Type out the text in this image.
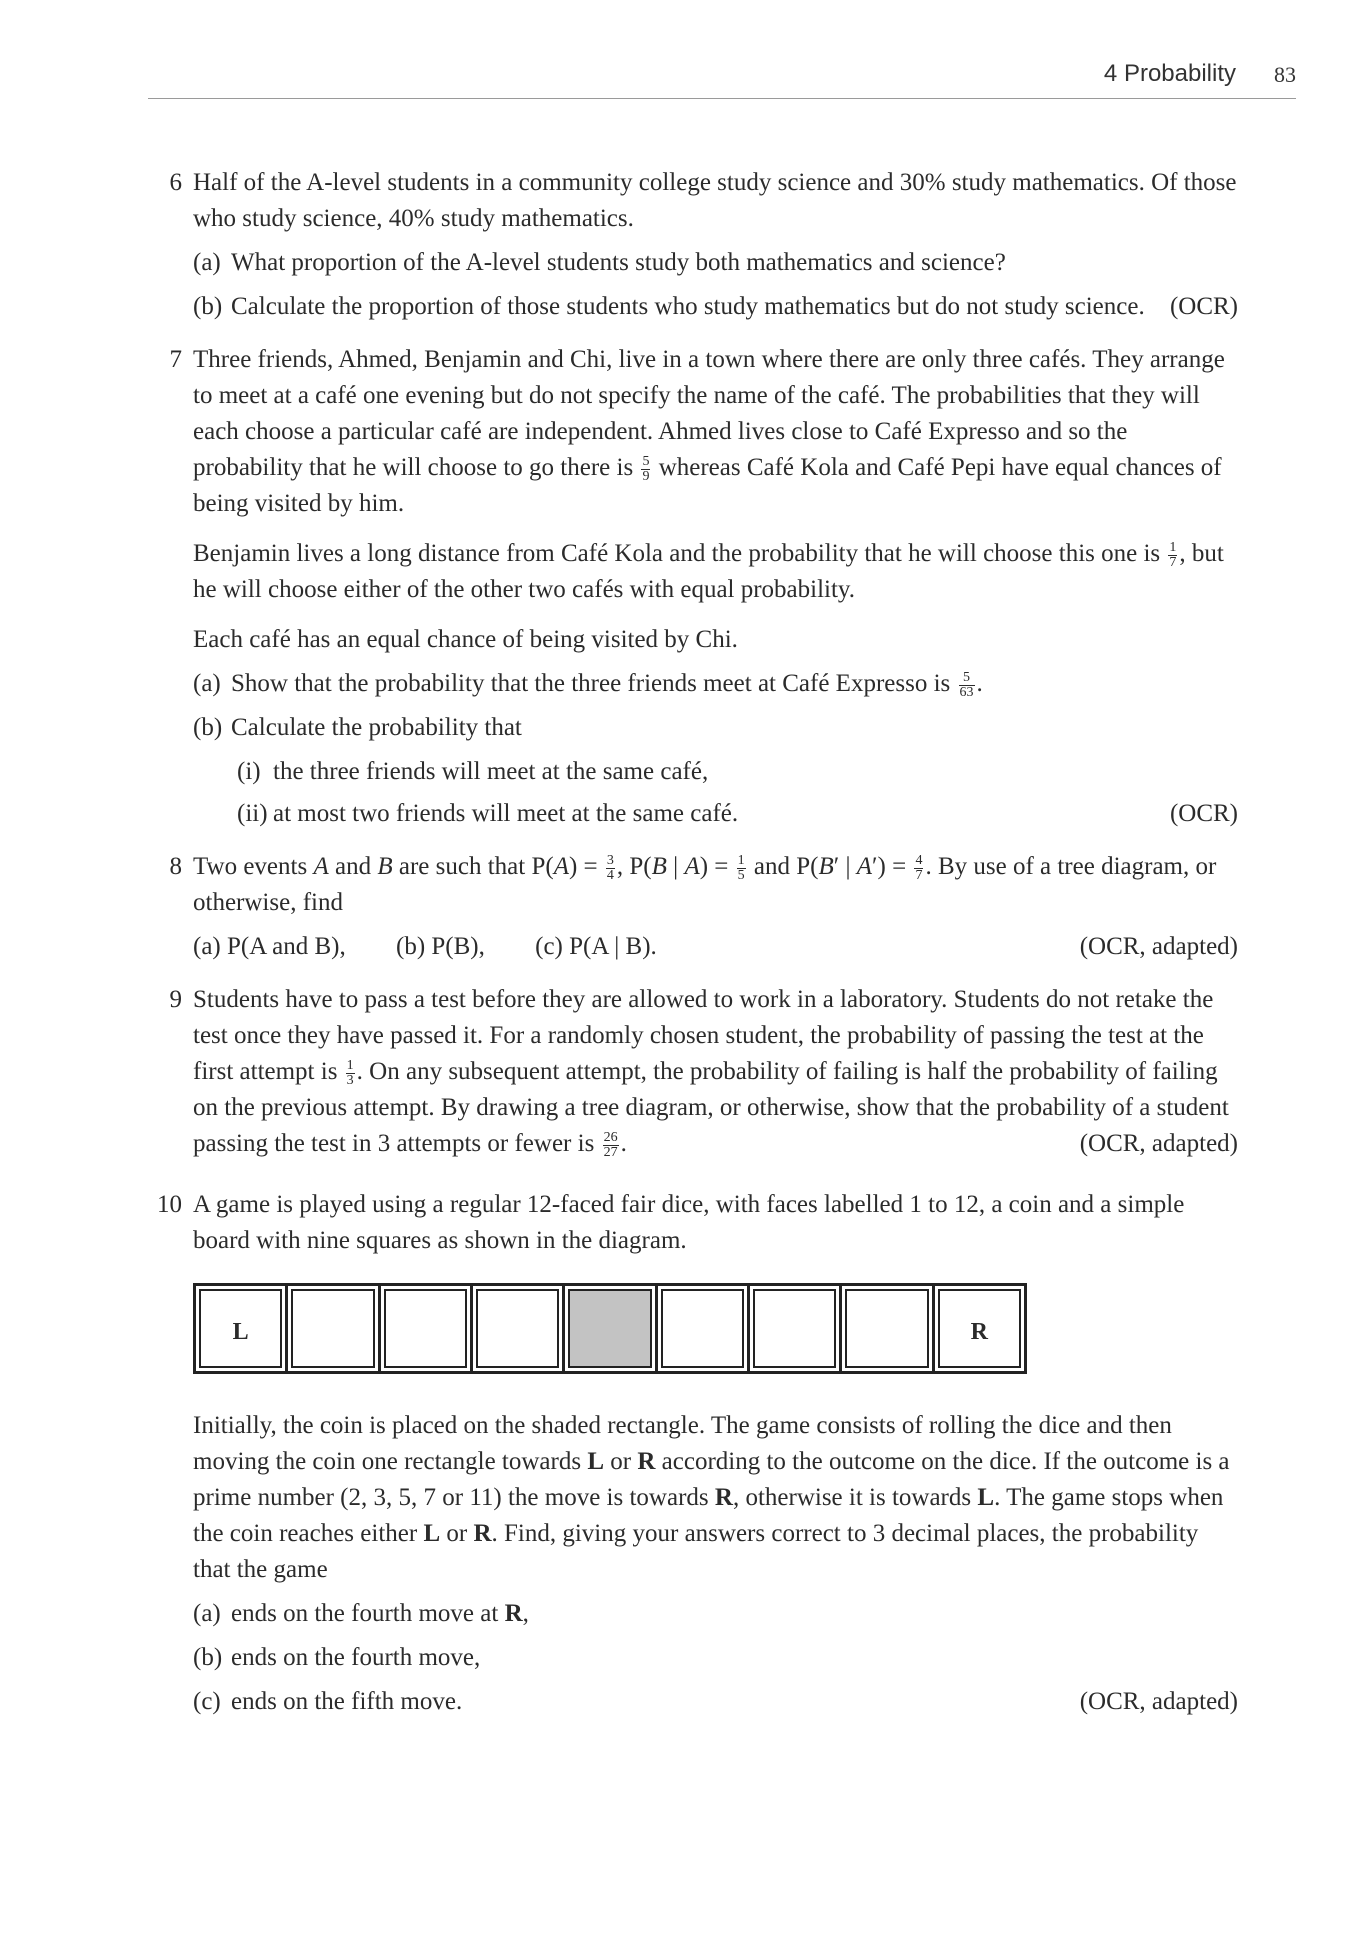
4 Probability 83
6 Half of the A-level students in a community college study science and 30% study mathematics. Of those who study science, 40% study mathematics.

(a) What proportion of the A-level students study both mathematics and science?
(b) Calculate the proportion of those students who study mathematics but do not study science. (OCR)
7 Three friends, Ahmed, Benjamin and Chi, live in a town where there are only three cafés. They arrange to meet at a café one evening but do not specify the name of the café. The probabilities that they will each choose a particular café are independent. Ahmed lives close to Café Expresso and so the probability that he will choose to go there is $\frac{5}{9}$ whereas Café Kola and Café Pepi have equal chances of being visited by him.

Benjamin lives a long distance from Café Kola and the probability that he will choose this one is $\frac{1}{7}$ , but he will choose either of the other two cafés with equal probability.

Each café has an equal chance of being visited by Chi.

(a) Show that the probability that the three friends meet at Café Expresso is $\frac{5}{63}$ .
(b) Calculate the probability that
(i) the three friends will meet at the same café,
(ii) at most two friends will meet at the same café.	(OCR)
8 Two events A and B are such that $P(A) = \frac{3}{4}$ , P(B | $A) = \frac{1}{5}$ and P(B′ | $A') = \frac{4}{7}$ . By use of a tree diagram, or otherwise, find

(a) P(A and B), (b) P(B), (c) P(A | B).	(OCR, adapted)
9 Students have to pass a test before they are allowed to work in a laboratory. Students do not retake the test once they have passed it. For a randomly chosen student, the probability of passing the test at the first attempt is $\frac{1}{3}$ . On any subsequent attempt, the probability of failing is half the probability of failing on the previous attempt. By drawing a tree diagram, or otherwise, show that the probability of a student passing the test in 3 attempts or fewer is $\frac{26}{27}$ .	(OCR, adapted)

10 A game is played using a regular 12-faced fair dice, with faces labelled 1 to 12, a coin and a simple board with nine squares as shown in the diagram.

L	R

Initially, the coin is placed on the shaded rectangle. The game consists of rolling the dice and then moving the coin one rectangle towards L or R according to the outcome on the dice. If the outcome is a prime number (2, 3, 5, 7 or 11) the move is towards R, otherwise it is towards L. The game stops when the coin reaches either L or R. Find, giving your answers correct to 3 decimal places, the probability that the game

(a) ends on the fourth move at R,
(b) ends on the fourth move,
(c) ends on the fifth move.	(OCR, adapted)
